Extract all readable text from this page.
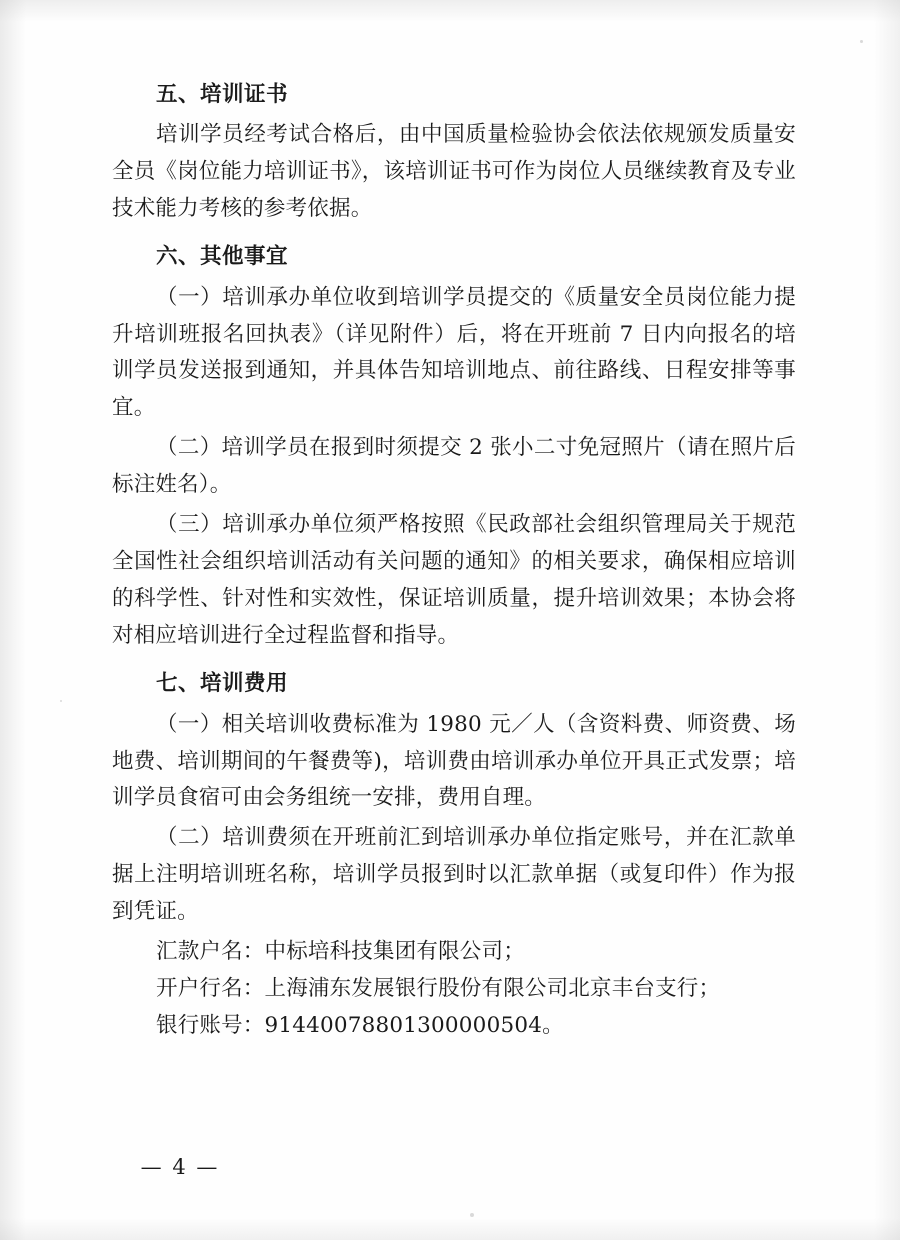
五、培训证书

培训学员经考试合格后，由中国质量检验协会依法依规颁发质量安全员《岗位能力培训证书》，该培训证书可作为岗位人员继续教育及专业技术能力考核的参考依据。

六、其他事宜

（一）培训承办单位收到培训学员提交的《质量安全员岗位能力提升培训班报名回执表》（详见附件）后，将在开班前 7 日内向报名的培训学员发送报到通知，并具体告知培训地点、前往路线、日程安排等事宜。

（二）培训学员在报到时须提交 2 张小二寸免冠照片（请在照片后标注姓名）。

（三）培训承办单位须严格按照《民政部社会组织管理局关于规范全国性社会组织培训活动有关问题的通知》的相关要求，确保相应培训的科学性、针对性和实效性，保证培训质量，提升培训效果；本协会将对相应培训进行全过程监督和指导。

七、培训费用

（一）相关培训收费标准为 1980 元／人（含资料费、师资费、场地费、培训期间的午餐费等)，培训费由培训承办单位开具正式发票；培训学员食宿可由会务组统一安排，费用自理。

（二）培训费须在开班前汇到培训承办单位指定账号，并在汇款单据上注明培训班名称，培训学员报到时以汇款单据（或复印件）作为报到凭证。

汇款户名：中标培科技集团有限公司；

开户行名：上海浦东发展银行股份有限公司北京丰台支行；

银行账号：91440078801300000504。

— 4 —
